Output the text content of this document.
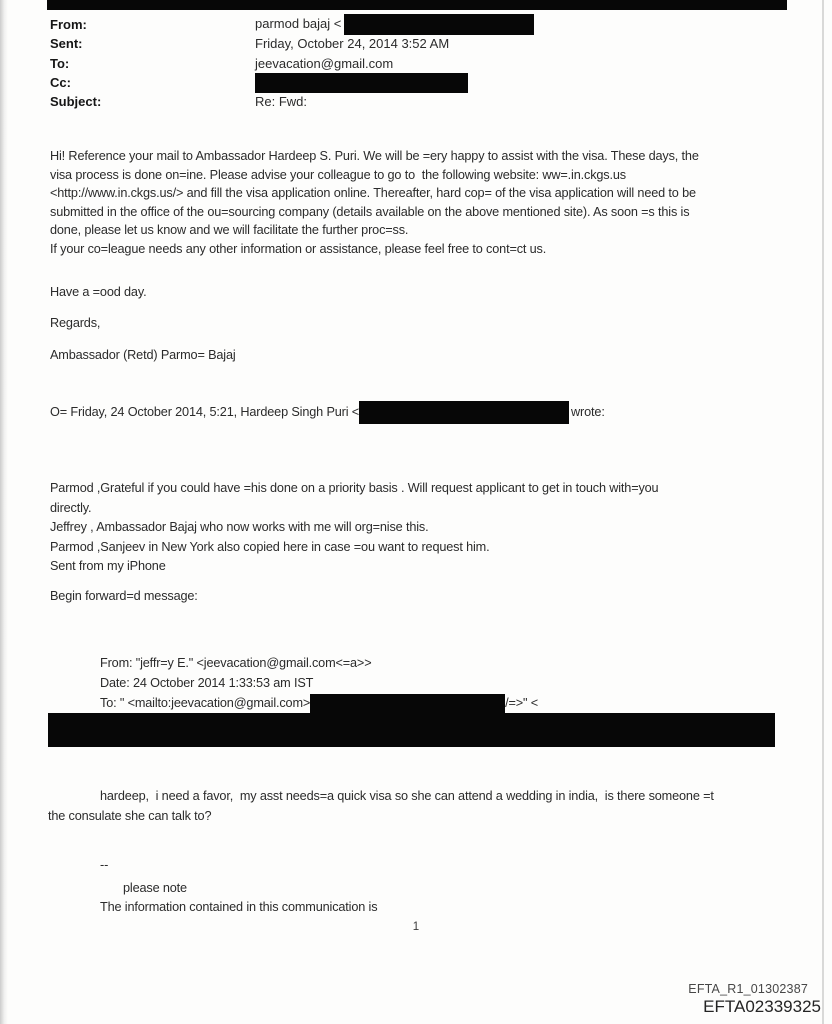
From:	parmod bajaj <
Sent:	Friday, October 24, 2014 3:52 AM
To:	jeevacation@gmail.com
Cc:
Subject:	Re: Fwd:
Hi! Reference your mail to Ambassador Hardeep S. Puri. We will be =ery happy to assist with the visa. These days, the
visa process is done on=ine. Please advise your colleague to go to  the following website: ww=.in.ckgs.us
<http://www.in.ckgs.us/> and fill the visa application online. Thereafter, hard cop= of the visa application will need to be
submitted in the office of the ou=sourcing company (details available on the above mentioned site). As soon =s this is
done, please let us know and we will facilitate the further proc=ss.
If your co=league needs any other information or assistance, please feel free to cont=ct us.
Have a =ood day.
Regards,
Ambassador (Retd) Parmo= Bajaj
O= Friday, 24 October 2014, 5:21, Hardeep Singh Puri <	wrote:
Parmod ,Grateful if you could have =his done on a priority basis . Will request applicant to get in touch with=you
directly.
Jeffrey , Ambassador Bajaj who now works with me will org=nise this.
Parmod ,Sanjeev in New York also copied here in case =ou want to request him.
Sent from my iPhone
Begin forward=d message:
From: "jeffr=y E." <jeevacation@gmail.com<=a>>
Date: 24 October 2014 1:33:53 am IST
To: " <mailto:jeevacation@gmail.com>	/=>" <
hardeep,  i need a favor,  my asst needs=a quick visa so she can attend a wedding in india,  is there someone =t
the consulate she can talk to?
--
please note
The information contained in this communication is
1
EFTA_R1_01302387
EFTA02339325
